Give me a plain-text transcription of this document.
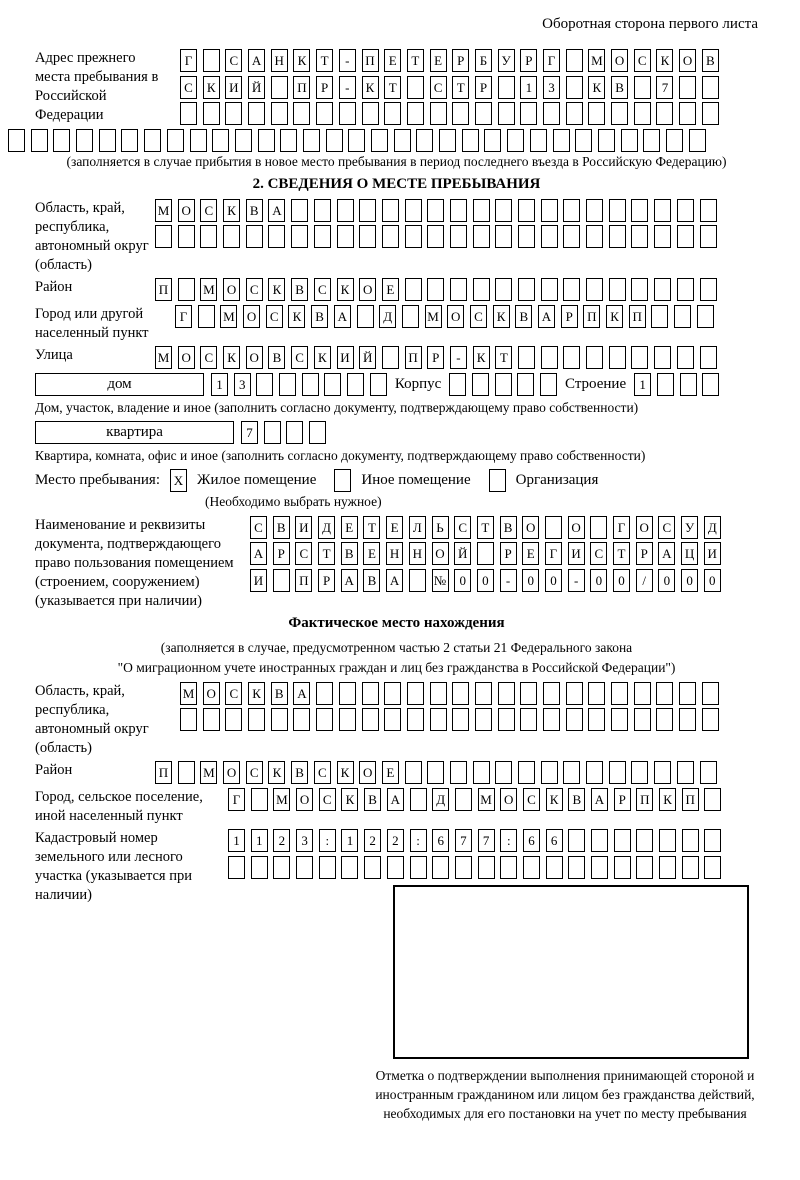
Оборотная сторона первого листа
Адрес прежнего места пребывания в Российской Федерации
Г	С	А Н	К	Т	-	П	Е	Т	Е	Р	Б	У	Р	Г	М О	С	К	О	В
С	К	И Й	П	Р	-	К	Т	С	Т	Р	1	3	К	В	7
(заполняется в случае прибытия в новое место пребывания в период последнего въезда в Российскую Федерацию)
2. СВЕДЕНИЯ О МЕСТЕ ПРЕБЫВАНИЯ
Область, край, республика, автономный округ (область)
М О	С	К	В	А
Район	П	М О	С	К	В	С	К	О	Е
Город или другой населенный пункт
Г	М О	С	К	В	А	Д	М О	С	К	В	А	Р	П	К	П
Улица	М О	С	К	О	В	С	К	И Й	П	Р	-	К	Т
дом	1	3	Корпус	Строение	1
Дом, участок, владение и иное (заполнить согласно документу, подтверждающему право собственности)
квартира	7
Квартира, комната, офис и иное (заполнить согласно документу, подтверждающему право собственности)
Место пребывания: X Жилое помещение	Иное помещение	Организация
(Необходимо выбрать нужное)
Наименование и реквизиты документа, подтверждающего право пользования помещением (строением, сооружением) (указывается при наличии)
С	В	И	Д	Е	Т	Е	Л	Ь	С	Т	В	О	О	Г	О	С	У	Д
А	Р	С	Т	В	Е	Н Н О Й	Р	Е	Г	И	С	Т	Р	А Ц И
И	П	Р	А	В	А	№	0	0	-	0	0	-	0	0	/	0	0	0
Фактическое место нахождения
(заполняется в случае, предусмотренном частью 2 статьи 21 Федерального закона
"О миграционном учете иностранных граждан и лиц без гражданства в Российской Федерации")
Область, край, республика, автономный округ (область)
М О	С	К	В	А
Район	П	М О	С	К	В	С	К	О	Е
Город, сельское поселение, иной населенный пункт
Г	М О	С	К	В	А	Д	М О	С	К	В	А	Р	П	К	П
Кадастровый номер земельного или лесного участка (указывается при наличии)
1	1	2	3	:	1	2	2	:	6	7	7	:	6	6
Отметка о подтверждении выполнения принимающей стороной и иностранным гражданином или лицом без гражданства действий, необходимых для его постановки на учет по месту пребывания
